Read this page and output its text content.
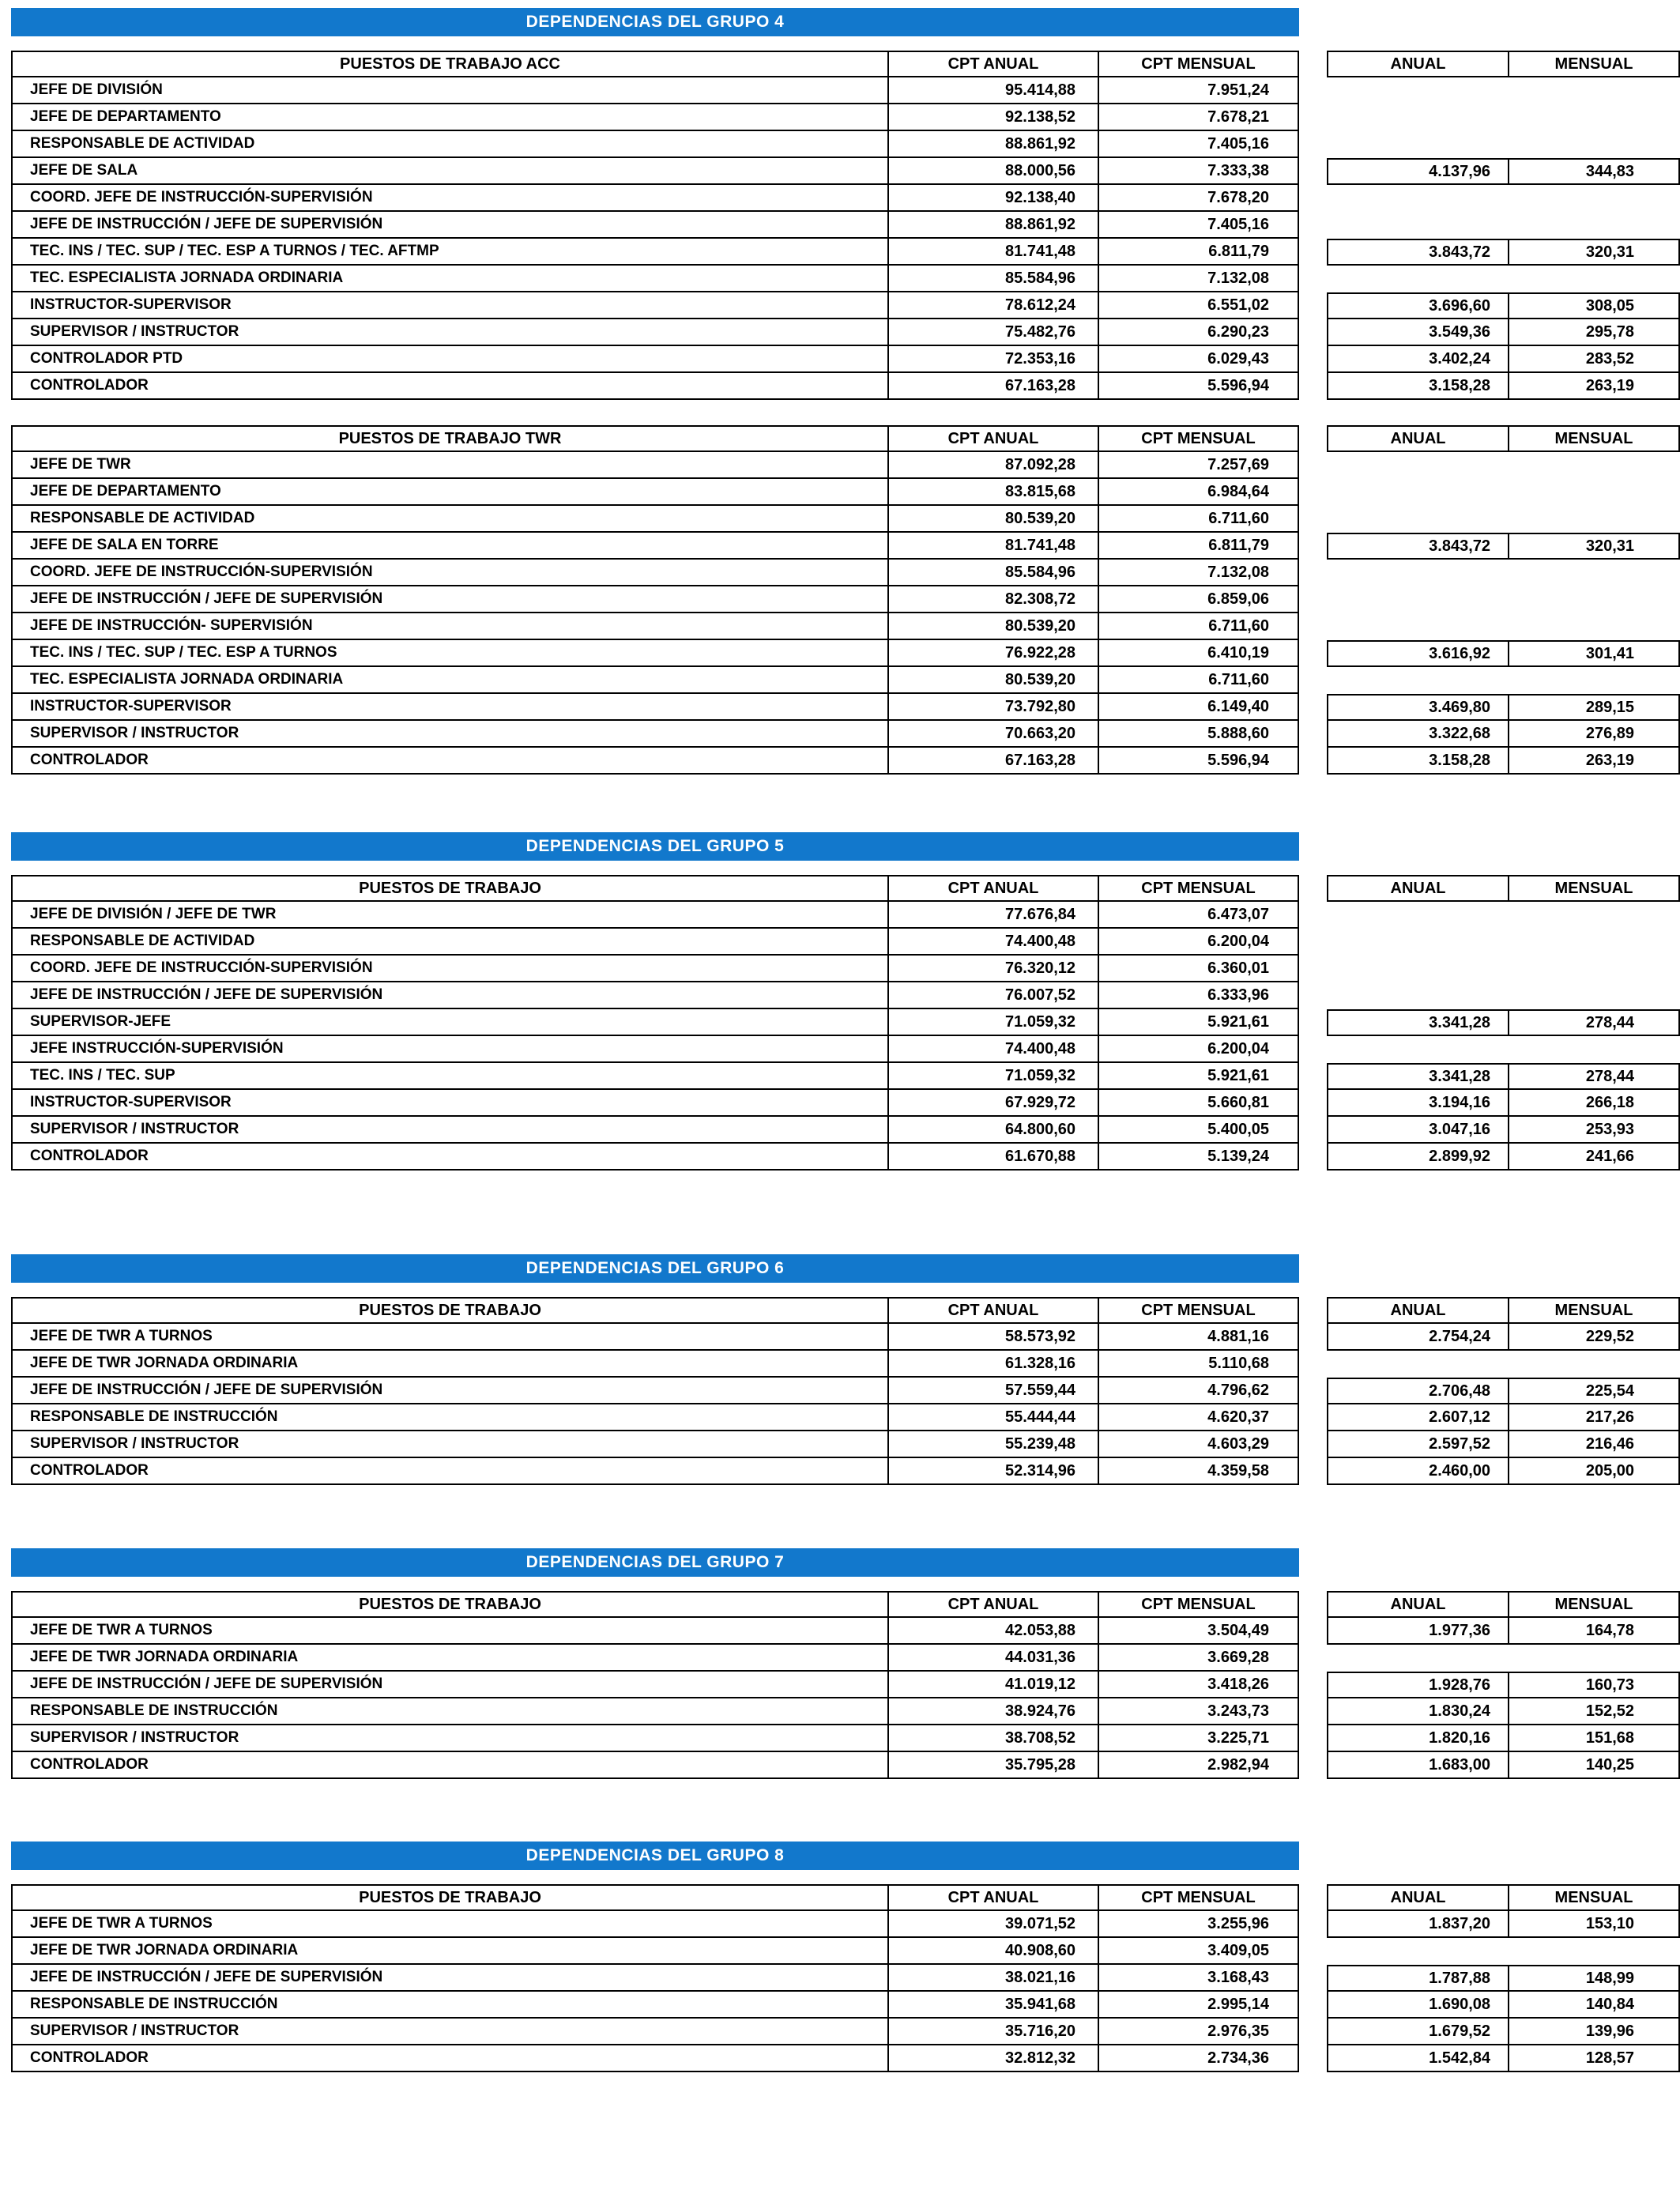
DEPENDENCIAS DEL GRUPO 4
PUESTOS DE TRABAJO ACC	CPT ANUAL	CPT MENSUAL	ANUAL	MENSUAL
JEFE DE DIVISIÓN	95.414,88	7.951,24
JEFE DE DEPARTAMENTO	92.138,52	7.678,21
RESPONSABLE DE ACTIVIDAD	88.861,92	7.405,16
JEFE DE SALA	88.000,56	7.333,38	4.137,96	344,83
COORD. JEFE DE INSTRUCCIÓN-SUPERVISIÓN	92.138,40	7.678,20
JEFE DE INSTRUCCIÓN / JEFE DE SUPERVISIÓN	88.861,92	7.405,16
TEC. INS / TEC. SUP / TEC. ESP A TURNOS / TEC. AFTMP	81.741,48	6.811,79	3.843,72	320,31
TEC. ESPECIALISTA JORNADA ORDINARIA	85.584,96	7.132,08
INSTRUCTOR-SUPERVISOR	78.612,24	6.551,02	3.696,60	308,05
SUPERVISOR / INSTRUCTOR	75.482,76	6.290,23	3.549,36	295,78
CONTROLADOR PTD	72.353,16	6.029,43	3.402,24	283,52
CONTROLADOR	67.163,28	5.596,94	3.158,28	263,19
PUESTOS DE TRABAJO TWR	CPT ANUAL	CPT MENSUAL	ANUAL	MENSUAL
JEFE DE TWR	87.092,28	7.257,69
JEFE DE DEPARTAMENTO	83.815,68	6.984,64
RESPONSABLE DE ACTIVIDAD	80.539,20	6.711,60
JEFE DE SALA EN TORRE	81.741,48	6.811,79	3.843,72	320,31
COORD. JEFE DE INSTRUCCIÓN-SUPERVISIÓN	85.584,96	7.132,08
JEFE DE INSTRUCCIÓN / JEFE DE SUPERVISIÓN	82.308,72	6.859,06
JEFE DE INSTRUCCIÓN- SUPERVISIÓN	80.539,20	6.711,60
TEC. INS / TEC. SUP / TEC. ESP A TURNOS	76.922,28	6.410,19	3.616,92	301,41
TEC. ESPECIALISTA JORNADA ORDINARIA	80.539,20	6.711,60
INSTRUCTOR-SUPERVISOR	73.792,80	6.149,40	3.469,80	289,15
SUPERVISOR / INSTRUCTOR	70.663,20	5.888,60	3.322,68	276,89
CONTROLADOR	67.163,28	5.596,94	3.158,28	263,19
DEPENDENCIAS DEL GRUPO 5
PUESTOS DE TRABAJO	CPT ANUAL	CPT MENSUAL	ANUAL	MENSUAL
JEFE DE DIVISIÓN / JEFE DE TWR	77.676,84	6.473,07
RESPONSABLE DE ACTIVIDAD	74.400,48	6.200,04
COORD. JEFE DE INSTRUCCIÓN-SUPERVISIÓN	76.320,12	6.360,01
JEFE DE INSTRUCCIÓN / JEFE DE SUPERVISIÓN	76.007,52	6.333,96
SUPERVISOR-JEFE	71.059,32	5.921,61	3.341,28	278,44
JEFE INSTRUCCIÓN-SUPERVISIÓN	74.400,48	6.200,04
TEC. INS / TEC. SUP	71.059,32	5.921,61	3.341,28	278,44
INSTRUCTOR-SUPERVISOR	67.929,72	5.660,81	3.194,16	266,18
SUPERVISOR / INSTRUCTOR	64.800,60	5.400,05	3.047,16	253,93
CONTROLADOR	61.670,88	5.139,24	2.899,92	241,66
DEPENDENCIAS DEL GRUPO 6
PUESTOS DE TRABAJO	CPT ANUAL	CPT MENSUAL	ANUAL	MENSUAL
JEFE DE TWR A TURNOS	58.573,92	4.881,16	2.754,24	229,52
JEFE DE TWR JORNADA ORDINARIA	61.328,16	5.110,68
JEFE DE INSTRUCCIÓN / JEFE DE SUPERVISIÓN	57.559,44	4.796,62	2.706,48	225,54
RESPONSABLE DE INSTRUCCIÓN	55.444,44	4.620,37	2.607,12	217,26
SUPERVISOR / INSTRUCTOR	55.239,48	4.603,29	2.597,52	216,46
CONTROLADOR	52.314,96	4.359,58	2.460,00	205,00
DEPENDENCIAS DEL GRUPO 7
PUESTOS DE TRABAJO	CPT ANUAL	CPT MENSUAL	ANUAL	MENSUAL
JEFE DE TWR A TURNOS	42.053,88	3.504,49	1.977,36	164,78
JEFE DE TWR JORNADA ORDINARIA	44.031,36	3.669,28
JEFE DE INSTRUCCIÓN / JEFE DE SUPERVISIÓN	41.019,12	3.418,26	1.928,76	160,73
RESPONSABLE DE INSTRUCCIÓN	38.924,76	3.243,73	1.830,24	152,52
SUPERVISOR / INSTRUCTOR	38.708,52	3.225,71	1.820,16	151,68
CONTROLADOR	35.795,28	2.982,94	1.683,00	140,25
DEPENDENCIAS DEL GRUPO 8
PUESTOS DE TRABAJO	CPT ANUAL	CPT MENSUAL	ANUAL	MENSUAL
JEFE DE TWR A TURNOS	39.071,52	3.255,96	1.837,20	153,10
JEFE DE TWR JORNADA ORDINARIA	40.908,60	3.409,05
JEFE DE INSTRUCCIÓN / JEFE DE SUPERVISIÓN	38.021,16	3.168,43	1.787,88	148,99
RESPONSABLE DE INSTRUCCIÓN	35.941,68	2.995,14	1.690,08	140,84
SUPERVISOR / INSTRUCTOR	35.716,20	2.976,35	1.679,52	139,96
CONTROLADOR	32.812,32	2.734,36	1.542,84	128,57
